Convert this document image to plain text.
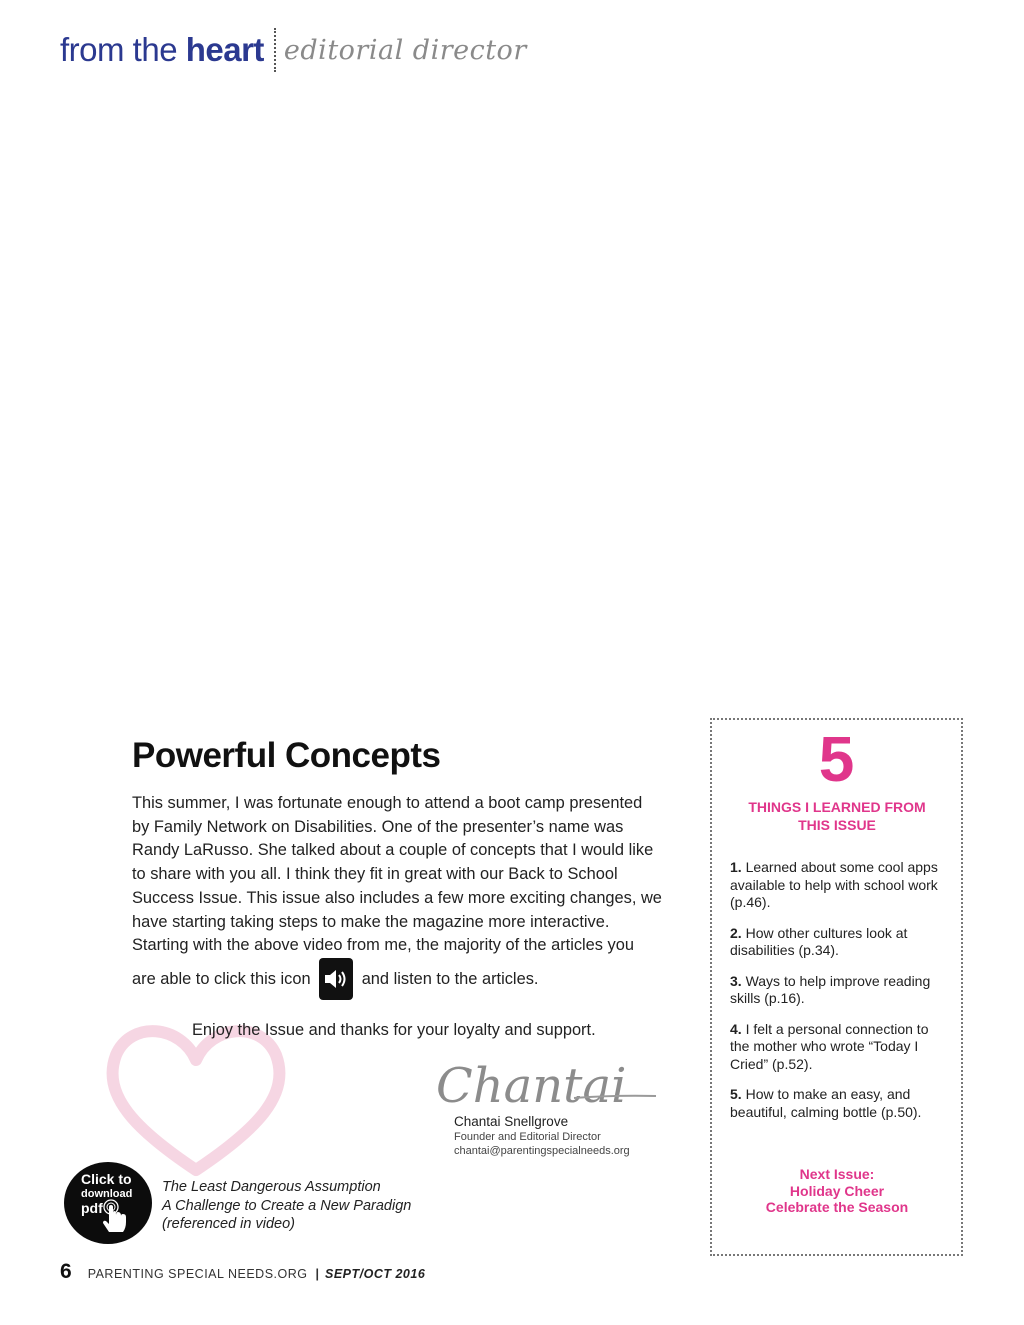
from the heart editorial director
Powerful Concepts

This summer, I was fortunate enough to attend a boot camp presented by Family Network on Disabilities. One of the presenter’s name was Randy LaRusso. She talked about a couple of concepts that I would like to share with you all. I think they fit in great with our Back to School Success Issue. This issue also includes a few more exciting changes, we have starting taking steps to make the magazine more interactive. Starting with the above video from me, the majority of the articles you are able to click this icon	and listen to the articles.

Enjoy the Issue and thanks for your loyalty and support.
Chantai
Chantai Snellgrove
Founder and Editorial Director
chantai@parentingspecialneeds.org
Click to
download
pdf
The Least Dangerous Assumption
A Challenge to Create a New Paradign
(referenced in video)
6 PARENTING SPECIAL NEEDS.ORG | SEPT/OCT 2016
5
THINGS I LEARNED FROM
THIS ISSUE
1. Learned about some cool apps available to help with school work (p.46).
2. How other cultures look at disabilities (p.34).
3. Ways to help improve reading skills (p.16).
4. I felt a personal connection to the mother who wrote “Today I Cried” (p.52).
5. How to make an easy, and beautiful, calming bottle (p.50).
Next Issue:
Holiday Cheer
Celebrate the Season
